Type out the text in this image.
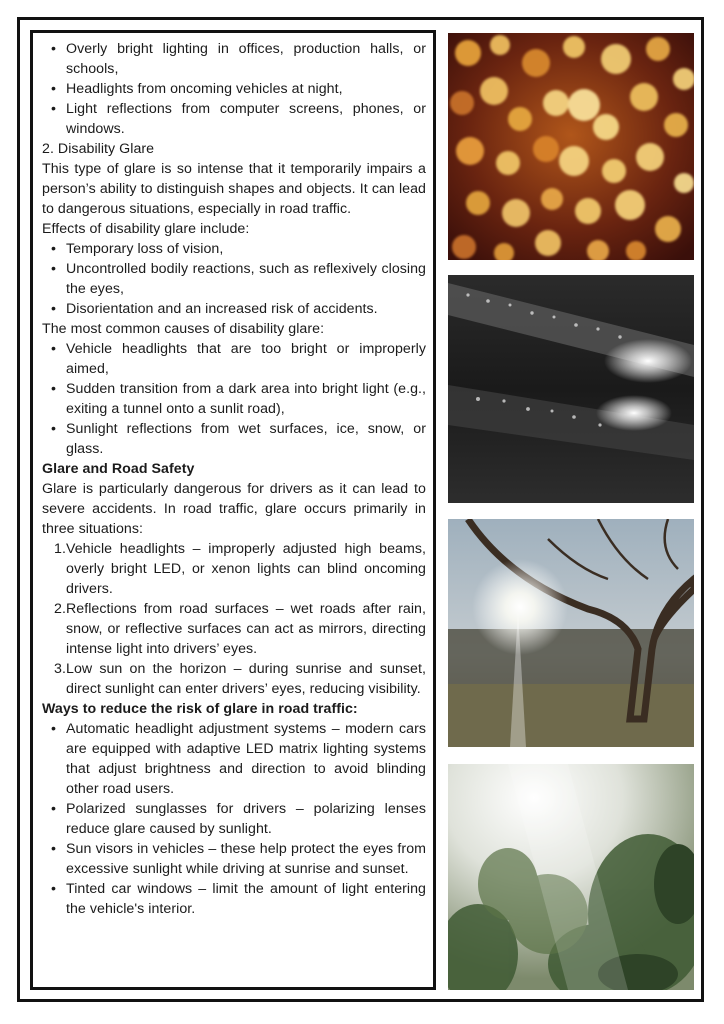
• Overly bright lighting in offices, production halls, or schools,
• Headlights from oncoming vehicles at night,
• Light reflections from computer screens, phones, or windows.

2. Disability Glare

This type of glare is so intense that it temporarily impairs a person’s ability to distinguish shapes and objects. It can lead to dangerous situations, especially in road traffic.

Effects of disability glare include:

• Temporary loss of vision,
• Uncontrolled bodily reactions, such as reflexively closing the eyes,
• Disorientation and an increased risk of accidents.

The most common causes of disability glare:

• Vehicle headlights that are too bright or improperly aimed,
• Sudden transition from a dark area into bright light (e.g., exiting a tunnel onto a sunlit road),
• Sunlight reflections from wet surfaces, ice, snow, or glass.

Glare and Road Safety

Glare is particularly dangerous for drivers as it can lead to severe accidents. In road traffic, glare occurs primarily in three situations:

1. Vehicle headlights – improperly adjusted high beams, overly bright LED, or xenon lights can blind oncoming drivers.
2. Reflections from road surfaces – wet roads after rain, snow, or reflective surfaces can act as mirrors, directing intense light into drivers’ eyes.
3. Low sun on the horizon – during sunrise and sunset, direct sunlight can enter drivers’ eyes, reducing visibility.

Ways to reduce the risk of glare in road traffic:

• Automatic headlight adjustment systems – modern cars are equipped with adaptive LED matrix lighting systems that adjust brightness and direction to avoid blinding other road users.
• Polarized sunglasses for drivers – polarizing lenses reduce glare caused by sunlight.
• Sun visors in vehicles – these help protect the eyes from excessive sunlight while driving at sunrise and sunset.
• Tinted car windows – limit the amount of light entering the vehicle's interior.
